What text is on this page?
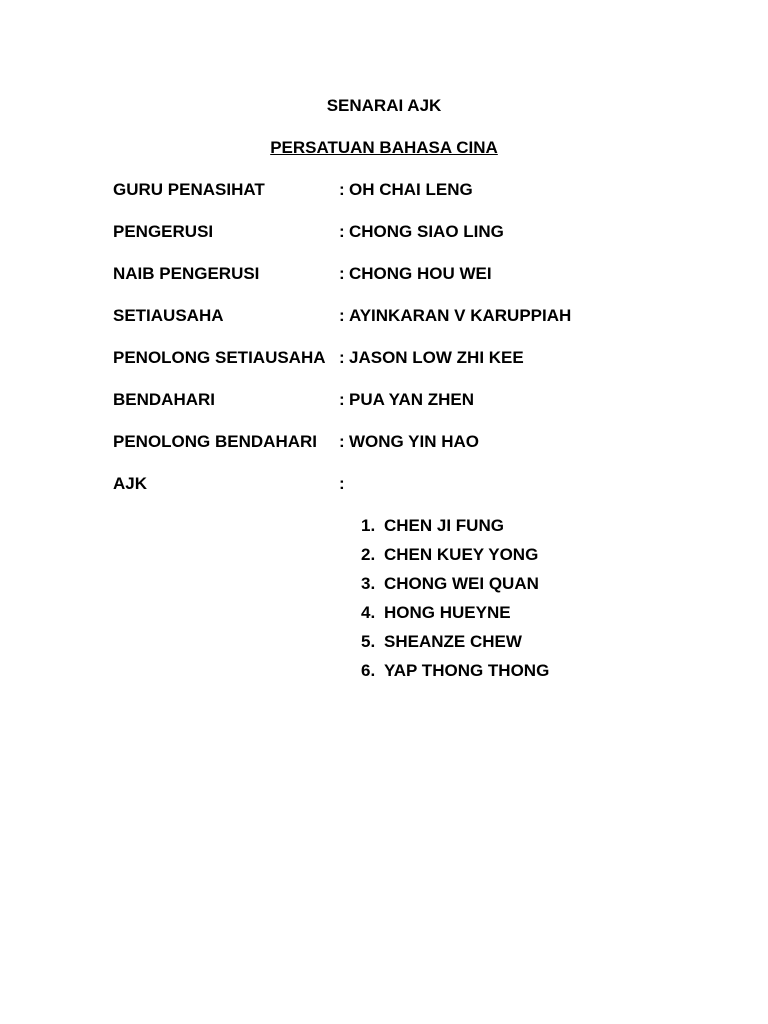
SENARAI AJK
PERSATUAN BAHASA CINA
GURU PENASIHAT	: OH CHAI LENG
PENGERUSI	: CHONG SIAO LING
NAIB PENGERUSI	: CHONG HOU WEI
SETIAUSAHA	: AYINKARAN V KARUPPIAH
PENOLONG SETIAUSAHA : JASON LOW ZHI KEE
BENDAHARI	: PUA YAN ZHEN
PENOLONG BENDAHARI : WONG YIN HAO
AJK	:
1. CHEN JI FUNG
2. CHEN KUEY YONG
3. CHONG WEI QUAN
4. HONG HUEYNE
5. SHEANZE CHEW
6. YAP THONG THONG
